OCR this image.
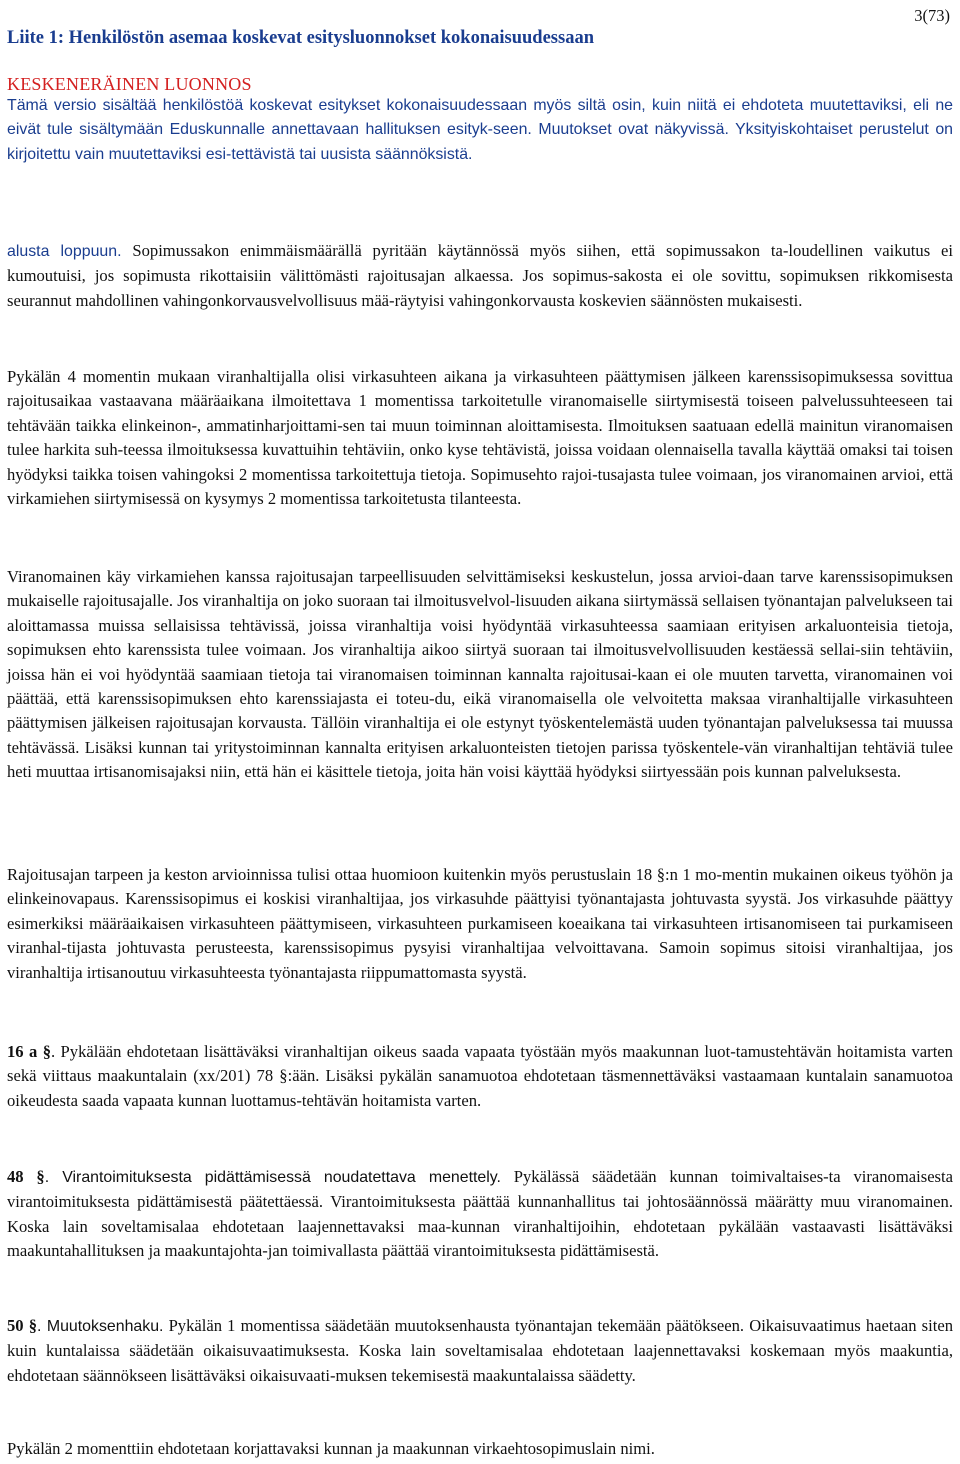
3(73)
Liite 1: Henkilöstön asemaa koskevat esitysluonnokset kokonaisuudessaan
KESKENERÄINEN LUONNOS

Tämä versio sisältää henkilöstöä koskevat esitykset kokonaisuudessaan myös siltä osin, kuin niitä ei ehdoteta muutettaviksi, eli ne eivät tule sisältymään Eduskunnalle annettavaan hallituksen esityk-seen. Muutokset ovat näkyvissä. Yksityiskohtaiset perustelut on kirjoitettu vain muutettaviksi esi-tettävistä tai uusista säännöksistä.

alusta loppuun. Sopimussakon enimmäismäärällä pyritään käytännössä myös siihen, että sopimussakon ta-loudellinen vaikutus ei kumoutuisi, jos sopimusta rikottaisiin välittömästi rajoitusajan alkaessa. Jos sopimus-sakosta ei ole sovittu, sopimuksen rikkomisesta seurannut mahdollinen vahingonkorvausvelvollisuus mää-räytyisi vahingonkorvausta koskevien säännösten mukaisesti.

Pykälän 4 momentin mukaan viranhaltijalla olisi virkasuhteen aikana ja virkasuhteen päättymisen jälkeen karenssisopimuksessa sovittua rajoitusaikaa vastaavana määräaikana ilmoitettava 1 momentissa tarkoitetulle viranomaiselle siirtymisestä toiseen palvelussuhteeseen tai tehtävään taikka elinkeinon-, ammatinharjoittami-sen tai muun toiminnan aloittamisesta. Ilmoituksen saatuaan edellä mainitun viranomaisen tulee harkita suh-teessa ilmoituksessa kuvattuihin tehtäviin, onko kyse tehtävistä, joissa voidaan olennaisella tavalla käyttää omaksi tai toisen hyödyksi taikka toisen vahingoksi 2 momentissa tarkoitettuja tietoja. Sopimusehto rajoi-tusajasta tulee voimaan, jos viranomainen arvioi, että virkamiehen siirtymisessä on kysymys 2 momentissa tarkoitetusta tilanteesta.

Viranomainen käy virkamiehen kanssa rajoitusajan tarpeellisuuden selvittämiseksi keskustelun, jossa arvioi-daan tarve karenssisopimuksen mukaiselle rajoitusajalle. Jos viranhaltija on joko suoraan tai ilmoitusvelvol-lisuuden aikana siirtymässä sellaisen työnantajan palvelukseen tai aloittamassa muissa sellaisissa tehtävissä, joissa viranhaltija voisi hyödyntää virkasuhteessa saamiaan erityisen arkaluonteisia tietoja, sopimuksen ehto karenssista tulee voimaan. Jos viranhaltija aikoo siirtyä suoraan tai ilmoitusvelvollisuuden kestäessä sellai-siin tehtäviin, joissa hän ei voi hyödyntää saamiaan tietoja tai viranomaisen toiminnan kannalta rajoitusai-kaan ei ole muuten tarvetta, viranomainen voi päättää, että karenssisopimuksen ehto karenssiajasta ei toteu-du, eikä viranomaisella ole velvoitetta maksaa viranhaltijalle virkasuhteen päättymisen jälkeisen rajoitusajan korvausta. Tällöin viranhaltija ei ole estynyt työskentelemästä uuden työnantajan palveluksessa tai muussa tehtävässä. Lisäksi kunnan tai yritystoiminnan kannalta erityisen arkaluonteisten tietojen parissa työskentele-vän viranhaltijan tehtäviä tulee heti muuttaa irtisanomisajaksi niin, että hän ei käsittele tietoja, joita hän voisi käyttää hyödyksi siirtyessään pois kunnan palveluksesta.

Rajoitusajan tarpeen ja keston arvioinnissa tulisi ottaa huomioon kuitenkin myös perustuslain 18 §:n 1 mo-mentin mukainen oikeus työhön ja elinkeinovapaus. Karenssisopimus ei koskisi viranhaltijaa, jos virkasuhde päättyisi työnantajasta johtuvasta syystä. Jos virkasuhde päättyy esimerkiksi määräaikaisen virkasuhteen päättymiseen, virkasuhteen purkamiseen koeaikana tai virkasuhteen irtisanomiseen tai purkamiseen viranhal-tijasta johtuvasta perusteesta, karenssisopimus pysyisi viranhaltijaa velvoittavana. Samoin sopimus sitoisi viranhaltijaa, jos viranhaltija irtisanoutuu virkasuhteesta työnantajasta riippumattomasta syystä.

16 a §. Pykälään ehdotetaan lisättäväksi viranhaltijan oikeus saada vapaata työstään myös maakunnan luot-tamustehtävän hoitamista varten sekä viittaus maakuntalain (xx/201) 78 §:ään. Lisäksi pykälän sanamuotoa ehdotetaan täsmennettäväksi vastaamaan kuntalain sanamuotoa oikeudesta saada vapaata kunnan luottamus-tehtävän hoitamista varten.

48 §. Virantoimituksesta pidättämisessä noudatettava menettely. Pykälässä säädetään kunnan toimivaltaises-ta viranomaisesta virantoimituksesta pidättämisestä päätettäessä. Virantoimituksesta päättää kunnanhallitus tai johtosäännössä määrätty muu viranomainen. Koska lain soveltamisalaa ehdotetaan laajennettavaksi maa-kunnan viranhaltijoihin, ehdotetaan pykälään vastaavasti lisättäväksi maakuntahallituksen ja maakuntajohta-jan toimivallasta päättää virantoimituksesta pidättämisestä.

50 §. Muutoksenhaku. Pykälän 1 momentissa säädetään muutoksenhausta työnantajan tekemään päätökseen. Oikaisuvaatimus haetaan siten kuin kuntalaissa säädetään oikaisuvaatimuksesta. Koska lain soveltamisalaa ehdotetaan laajennettavaksi koskemaan myös maakuntia, ehdotetaan säännökseen lisättäväksi oikaisuvaati-muksen tekemisestä maakuntalaissa säädetty.

Pykälän 2 momenttiin ehdotetaan korjattavaksi kunnan ja maakunnan virkaehtosopimuslain nimi.
